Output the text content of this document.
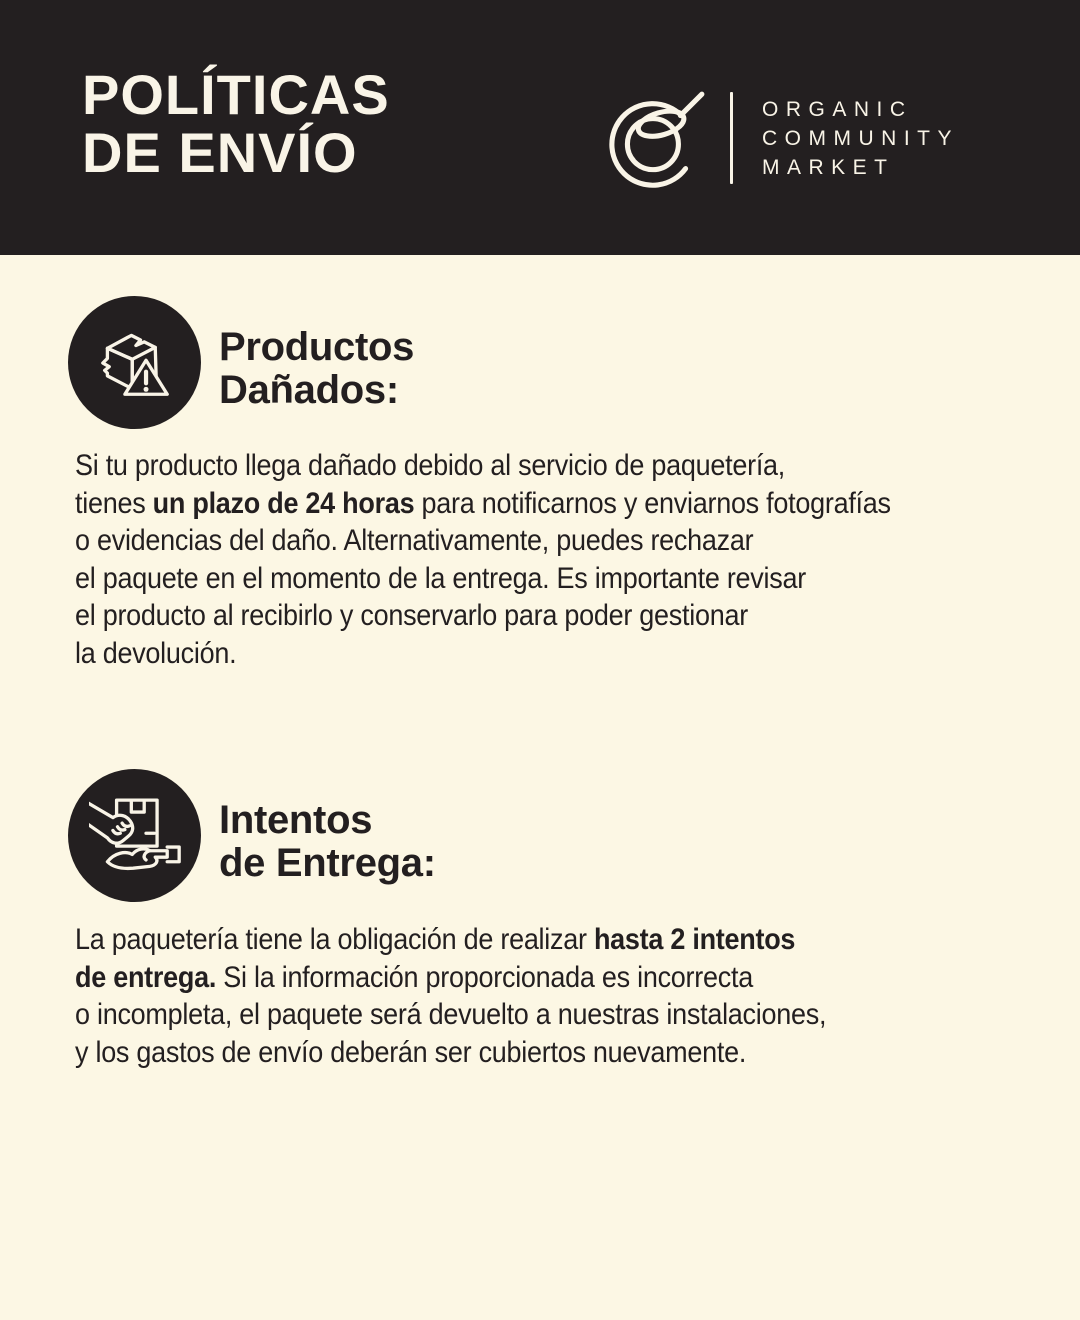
POLÍTICAS
DE ENVÍO
ORGANIC
COMMUNITY
MARKET
Productos
Dañados:
Si tu producto llega dañado debido al servicio de paquetería,
tienes un plazo de 24 horas para notificarnos y enviarnos fotografías
o evidencias del daño. Alternativamente, puedes rechazar
el paquete en el momento de la entrega. Es importante revisar
el producto al recibirlo y conservarlo para poder gestionar
la devolución.
Intentos
de Entrega:
La paquetería tiene la obligación de realizar hasta 2 intentos
de entrega. Si la información proporcionada es incorrecta
o incompleta, el paquete será devuelto a nuestras instalaciones,
y los gastos de envío deberán ser cubiertos nuevamente.
